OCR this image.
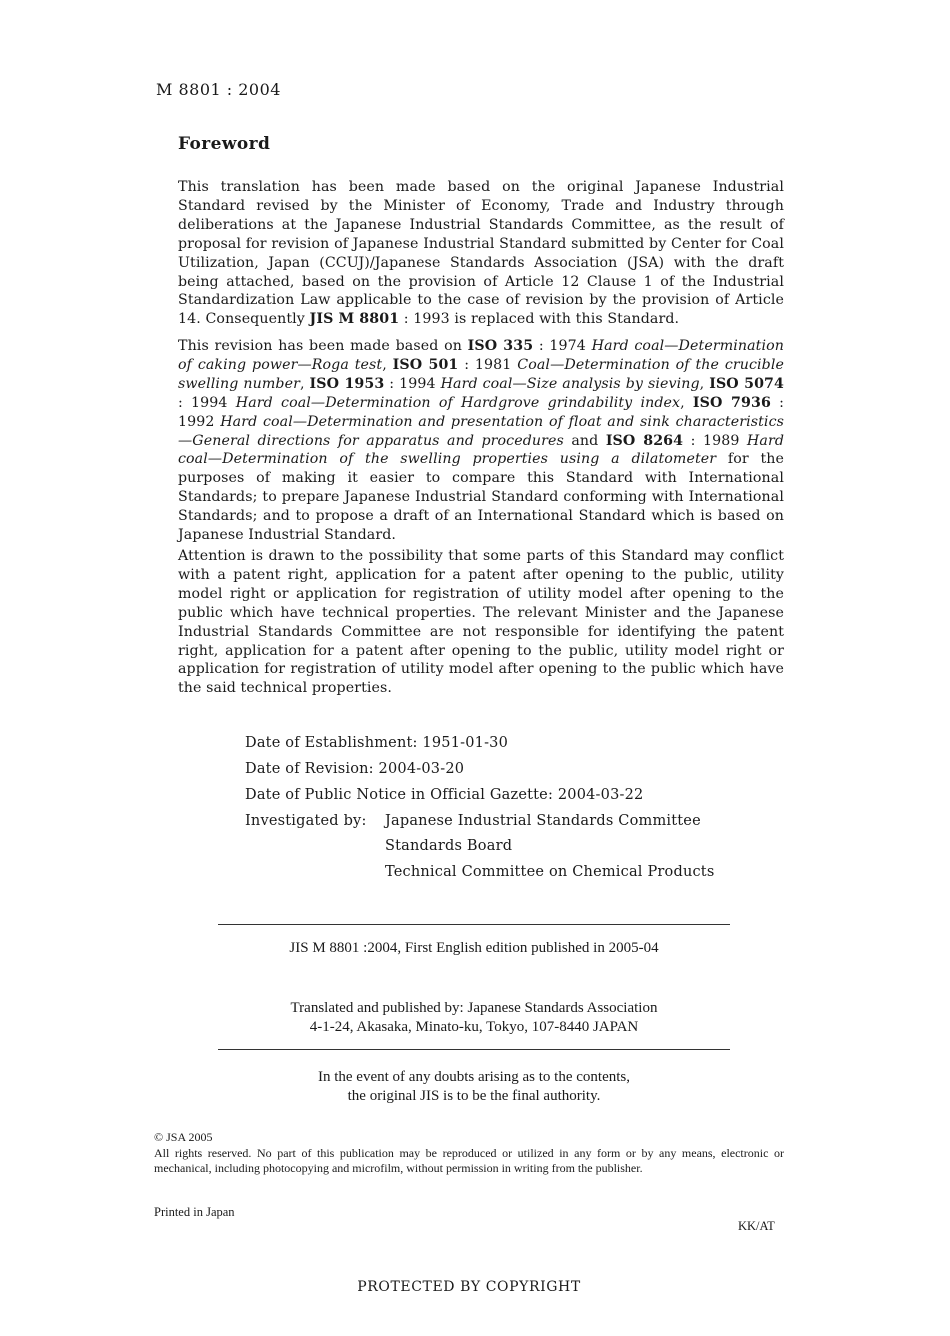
M 8801 : 2004
Foreword

This translation has been made based on the original Japanese Industrial Standard revised by the Minister of Economy, Trade and Industry through deliberations at the Japanese Industrial Standards Committee, as the result of proposal for revision of Japanese Industrial Standard submitted by Center for Coal Utilization, Japan (CCUJ)/Japanese Standards Association (JSA) with the draft being attached, based on the provision of Article 12 Clause 1 of the Industrial Standardization Law applicable to the case of revision by the provision of Article 14. Consequently JIS M 8801 : 1993 is replaced with this Standard.

This revision has been made based on ISO 335 : 1974 Hard coal—Determination of caking power—Roga test, ISO 501 : 1981 Coal—Determination of the crucible swelling number, ISO 1953 : 1994 Hard coal—Size analysis by sieving, ISO 5074 : 1994 Hard coal—Determination of Hardgrove grindability index, ISO 7936 : 1992 Hard coal—Determination and presentation of float and sink characteristics—General directions for apparatus and procedures and ISO 8264 : 1989 Hard coal—Determination of the swelling properties using a dilatometer for the purposes of making it easier to compare this Standard with International Standards; to prepare Japanese Industrial Standard conforming with International Standards; and to propose a draft of an International Standard which is based on Japanese Industrial Standard.

Attention is drawn to the possibility that some parts of this Standard may conflict with a patent right, application for a patent after opening to the public, utility model right or application for registration of utility model after opening to the public which have technical properties. The relevant Minister and the Japanese Industrial Standards Committee are not responsible for identifying the patent right, application for a patent after opening to the public, utility model right or application for registration of utility model after opening to the public which have the said technical properties.

Date of Establishment: 1951-01-30
Date of Revision: 2004-03-20
Date of Public Notice in Official Gazette: 2004-03-22
Investigated by: Japanese Industrial Standards Committee
Standards Board
Technical Committee on Chemical Products
JIS M 8801 :2004, First English edition published in 2005-04
Translated and published by: Japanese Standards Association
4-1-24, Akasaka, Minato-ku, Tokyo, 107-8440 JAPAN
In the event of any doubts arising as to the contents,
the original JIS is to be the final authority.
© JSA 2005
All rights reserved. No part of this publication may be reproduced or utilized in any form or by any means, electronic or mechanical, including photocopying and microfilm, without permission in writing from the publisher.
Printed in Japan
KK/AT
PROTECTED BY COPYRIGHT
